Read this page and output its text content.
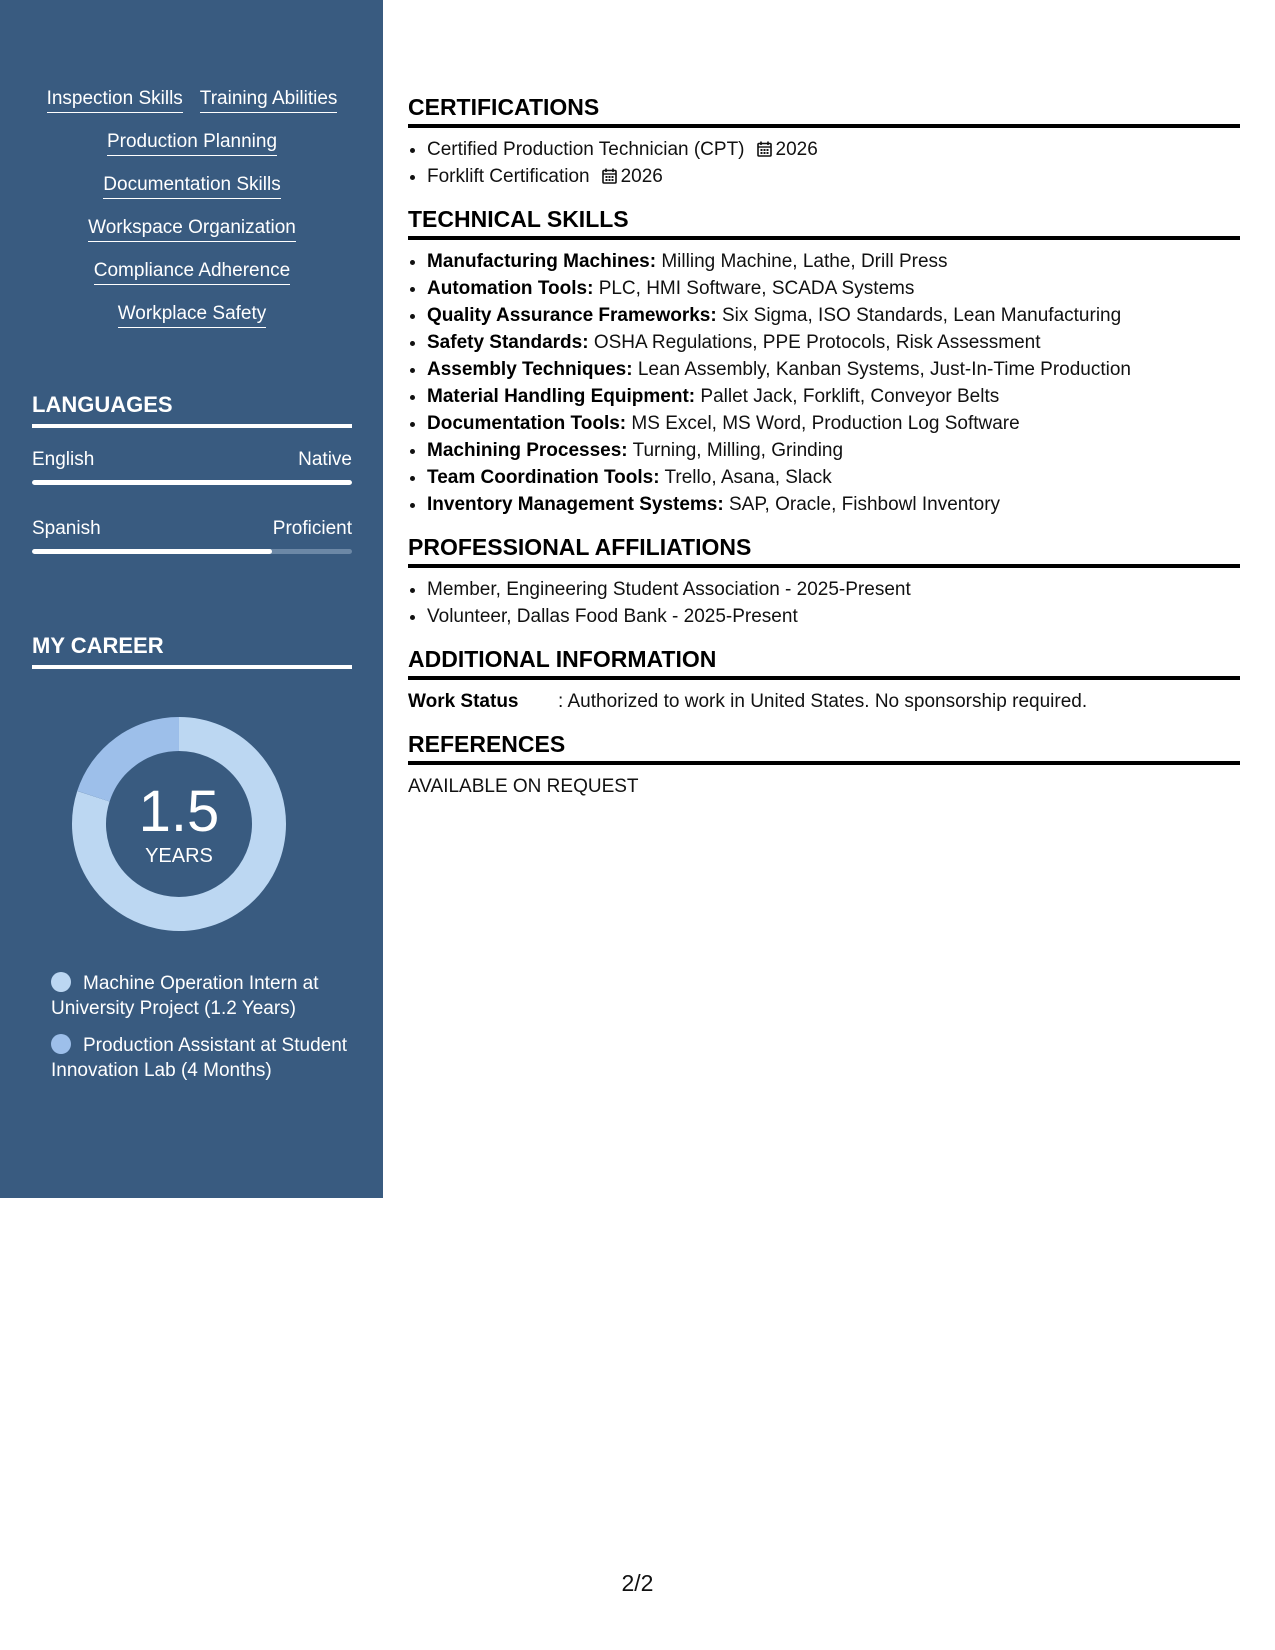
Inspection Skills Training Abilities
Production Planning
Documentation Skills
Workspace Organization
Compliance Adherence
Workplace Safety
LANGUAGES
English	Native
Spanish	Proficient
MY CAREER
1.5
YEARS
Machine Operation Intern at University Project (1.2 Years)
Production Assistant at Student Innovation Lab (4 Months)
CERTIFICATIONS
• Certified Production Technician (CPT) 2026
• Forklift Certification 2026
TECHNICAL SKILLS
• Manufacturing Machines: Milling Machine, Lathe, Drill Press
• Automation Tools: PLC, HMI Software, SCADA Systems
• Quality Assurance Frameworks: Six Sigma, ISO Standards, Lean Manufacturing
• Safety Standards: OSHA Regulations, PPE Protocols, Risk Assessment
• Assembly Techniques: Lean Assembly, Kanban Systems, Just-In-Time Production
• Material Handling Equipment: Pallet Jack, Forklift, Conveyor Belts
• Documentation Tools: MS Excel, MS Word, Production Log Software
• Machining Processes: Turning, Milling, Grinding
• Team Coordination Tools: Trello, Asana, Slack
• Inventory Management Systems: SAP, Oracle, Fishbowl Inventory
PROFESSIONAL AFFILIATIONS
• Member, Engineering Student Association - 2025-Present
• Volunteer, Dallas Food Bank - 2025-Present
ADDITIONAL INFORMATION
Work Status	: Authorized to work in United States. No sponsorship required.
REFERENCES
AVAILABLE ON REQUEST
2/2
